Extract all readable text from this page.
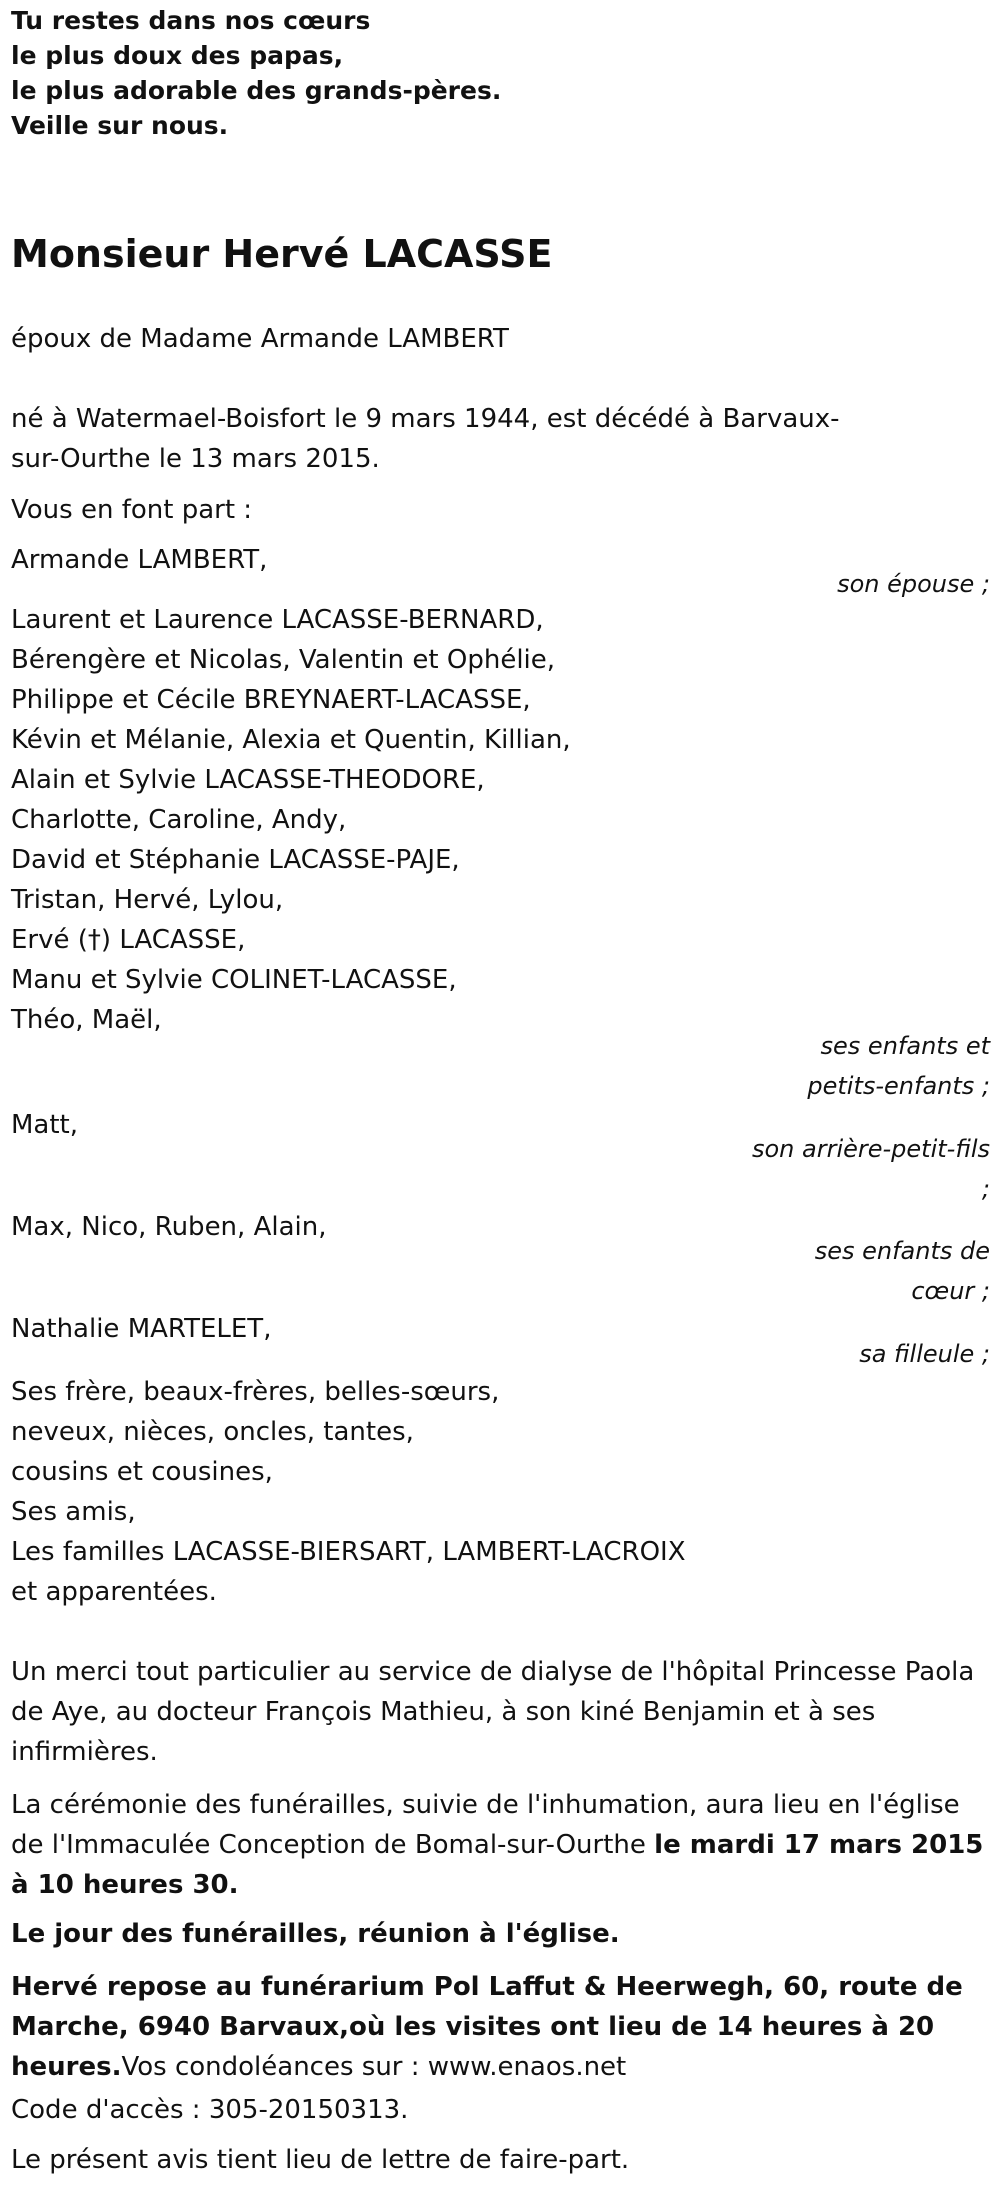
Tu restes dans nos cœurs
le plus doux des papas,
le plus adorable des grands-pères.
Veille sur nous.
Monsieur Hervé LACASSE
époux de Madame Armande LAMBERT
né à Watermael-Boisfort le 9 mars 1944, est décédé à Barvaux-
sur-Ourthe le 13 mars 2015.
Vous en font part :
Armande LAMBERT,
son épouse ;
Laurent et Laurence LACASSE-BERNARD,
Bérengère et Nicolas, Valentin et Ophélie,
Philippe et Cécile BREYNAERT-LACASSE,
Kévin et Mélanie, Alexia et Quentin, Killian,
Alain et Sylvie LACASSE-THEODORE,
Charlotte, Caroline, Andy,
David et Stéphanie LACASSE-PAJE,
Tristan, Hervé, Lylou,
Ervé (†) LACASSE,
Manu et Sylvie COLINET-LACASSE,
Théo, Maël,
ses enfants et
petits-enfants ;
Matt,
son arrière-petit-fils
;
Max, Nico, Ruben, Alain,
ses enfants de
cœur ;
Nathalie MARTELET,
sa filleule ;
Ses frère, beaux-frères, belles-sœurs,
neveux, nièces, oncles, tantes,
cousins et cousines,
Ses amis,
Les familles LACASSE-BIERSART, LAMBERT-LACROIX
et apparentées.
Un merci tout particulier au service de dialyse de l'hôpital Princesse Paola de Aye, au docteur François Mathieu, à son kiné Benjamin et à ses infirmières.
La cérémonie des funérailles, suivie de l'inhumation, aura lieu en l'église de l'Immaculée Conception de Bomal-sur-Ourthe le mardi 17 mars 2015 à 10 heures 30.
Le jour des funérailles, réunion à l'église.
Hervé repose au funérarium Pol Laffut & Heerwegh, 60, route de Marche, 6940 Barvaux,où les visites ont lieu de 14 heures à 20 heures.Vos condoléances sur : www.enaos.net
Code d'accès : 305-20150313.
Le présent avis tient lieu de lettre de faire-part.
